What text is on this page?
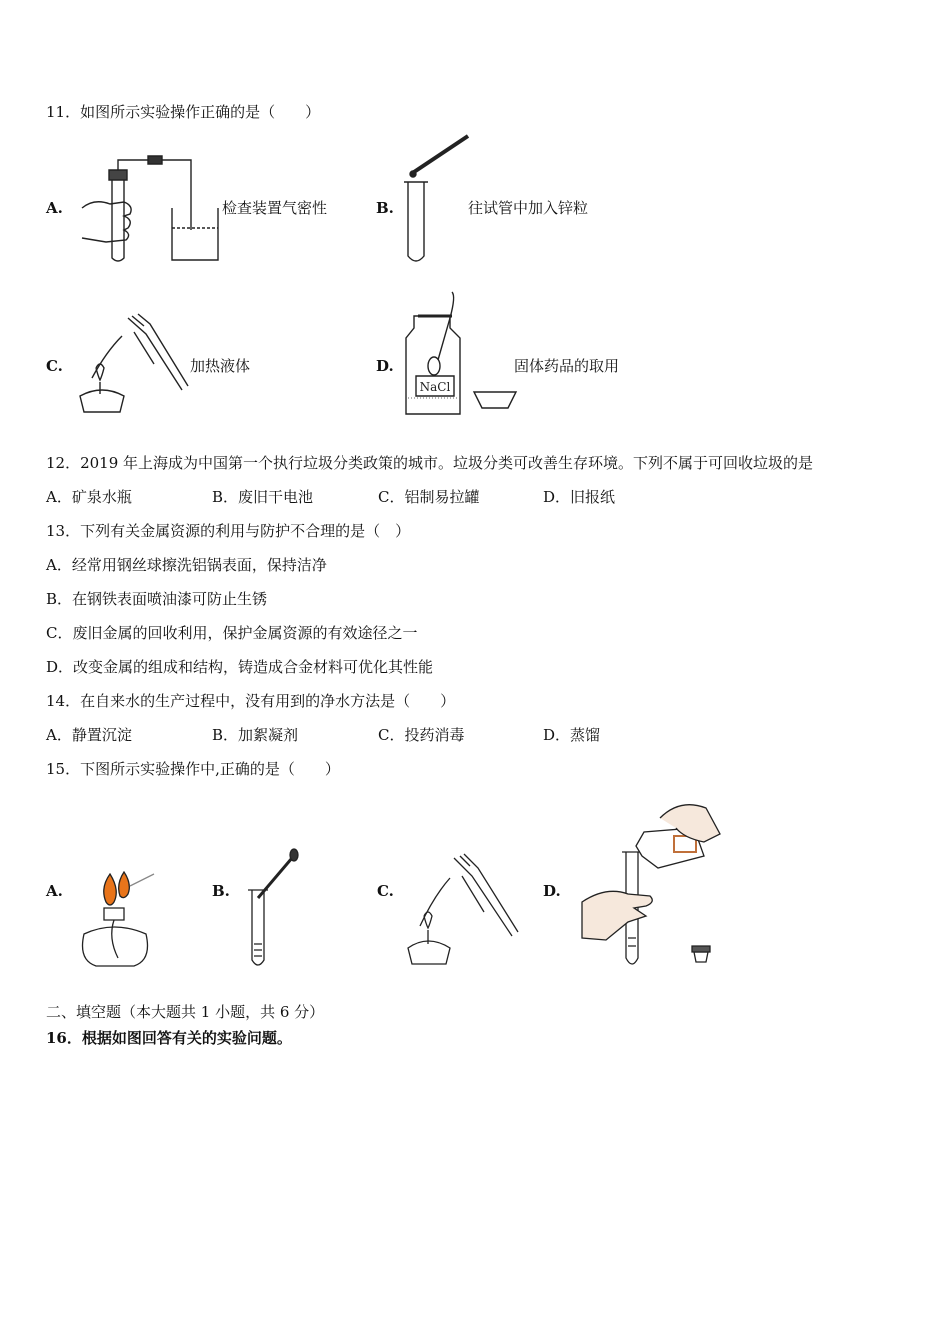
11．如图所示实验操作正确的是（　　）
A.	检查装置气密性	B.	往试管中加入锌粒
C.	加热液体	D.
NaCl
固体药品的取用
12．2019 年上海成为中国第一个执行垃圾分类政策的城市。垃圾分类可改善生存环境。下列不属于可回收垃圾的是
A．矿泉水瓶	B．废旧干电池	C．铝制易拉罐	D．旧报纸
13．下列有关金属资源的利用与防护不合理的是（　）
A．经常用钢丝球擦洗铝锅表面，保持洁净
B．在钢铁表面喷油漆可防止生锈
C．废旧金属的回收利用，保护金属资源的有效途径之一
D．改变金属的组成和结构，铸造成合金材料可优化其性能
14．在自来水的生产过程中，没有用到的净水方法是（　　）
A．静置沉淀	B．加絮凝剂	C．投药消毒	D．蒸馏
15．下图所示实验操作中,正确的是（　　）
A.	B.	C.	D.
二、填空题（本大题共 1 小题，共 6 分）
16．根据如图回答有关的实验问题。
